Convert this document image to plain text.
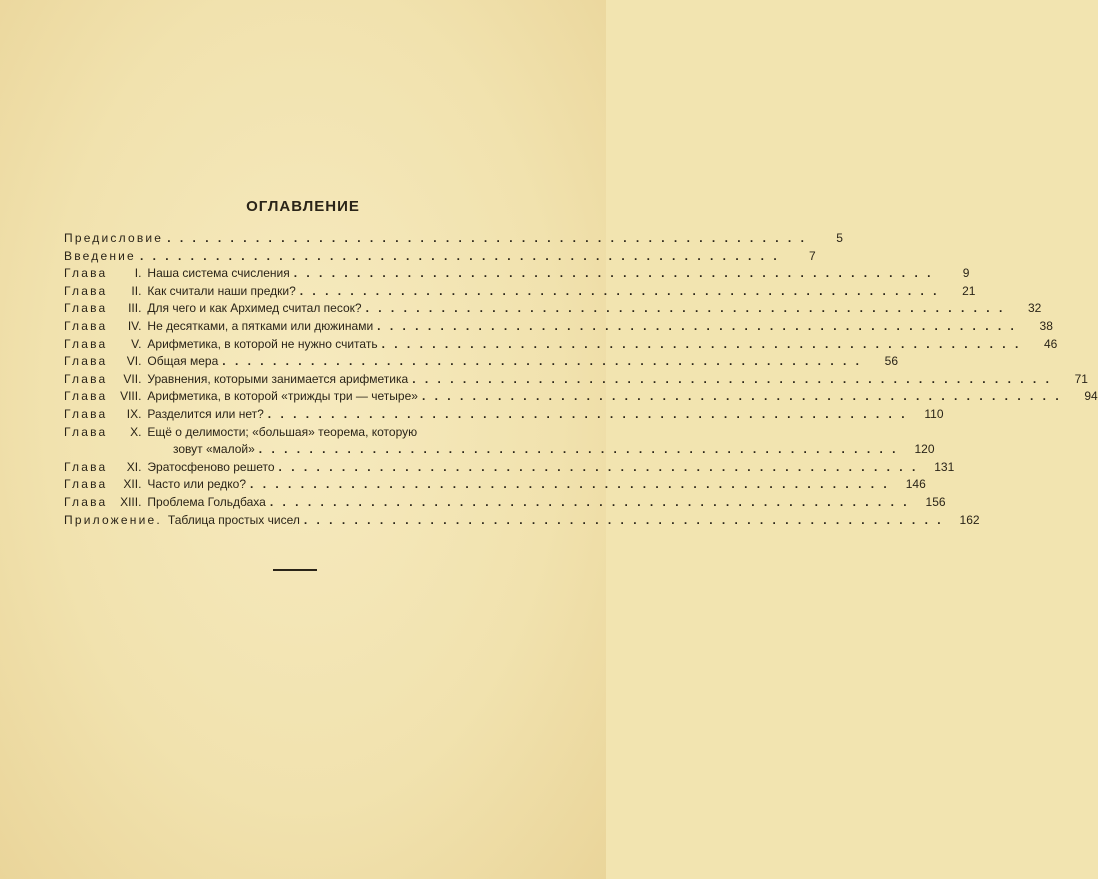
ОГЛАВЛЕНИЕ
Предисловие . . .	5
Введение . . .	7
Глава	I. Наша система счисления . . .	9
Глава	II. Как считали наши предки? . . .	21
Глава	III. Для чего и как Архимед считал песок? . . .	32
Глава	IV. Не десятками, а пятками или дюжинами . . .	38
Глава	V. Арифметика, в которой не нужно считать . . .	46
Глава	VI. Общая мера . . .	56
Глава	VII. Уравнения, которыми занимается арифметика . . .	71
Глава	VIII. Арифметика, в которой «трижды три — четыре» . . .	94
Глава	IX. Разделится или нет? . . .	110
Глава	X. Ещё о делимости; «большая» теорема, которую
зовут «малой» . . .	120
Глава	XI. Эратосфеново решето . . .	131
Глава	XII. Часто или редко? . . .	146
Глава	XIII. Проблема Гольдбаха . . .	156
Приложение. Таблица простых чисел . . .	162
